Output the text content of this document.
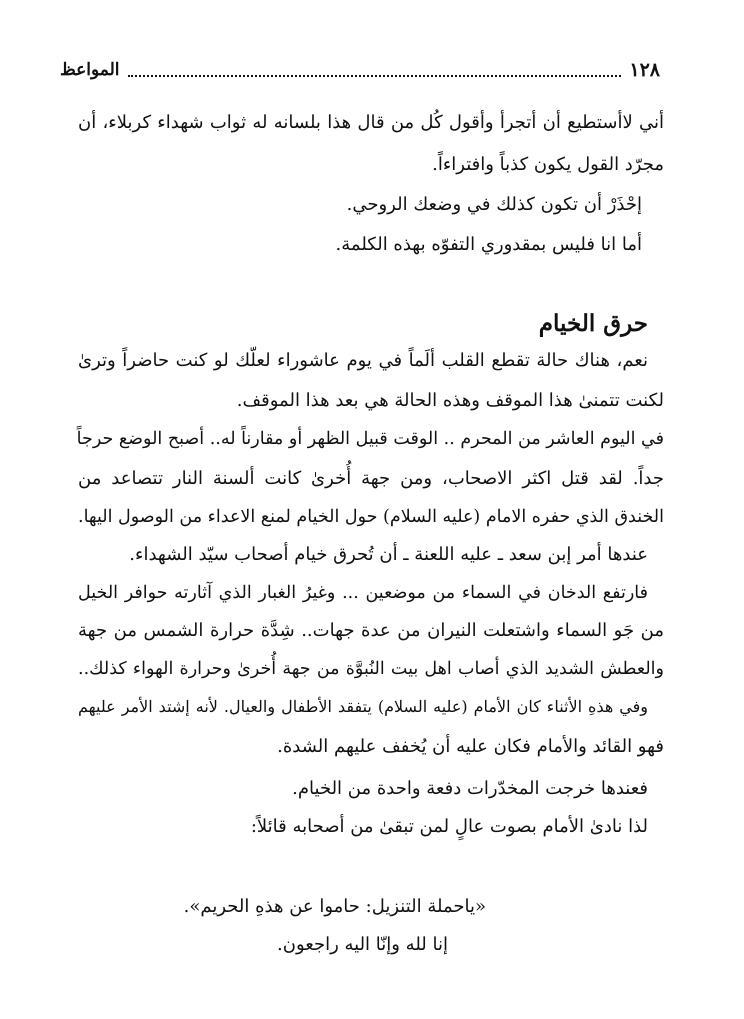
١٢٨
المواعظ
أني لاأستطيع أن أتجرأ وأقول كُل من قال هذا بلسانه له ثواب شهداء كربلاء، أن
مجرّد القول يكون كذباً وافتراءاً.
إحْذَرْ أن تكون كذلك في وضعك الروحي.
أما انا فليس بمقدوري التفوّه بهذه الكلمة.
حرق الخيام
نعم، هناك حالة تقطع القلب ألَماً في يوم عاشوراء لعلّك لو كنت حاضراً وترىٰ
لكنت تتمنىٰ هذا الموقف وهذه الحالة هي بعد هذا الموقف.
في اليوم العاشر من المحرم .. الوقت قبيل الظهر أو مقارناً له.. أصبح الوضع حرجاً
جداً. لقد قتل اكثر الاصحاب، ومن جهة أُخرىٰ كانت ألسنة النار تتصاعد من
الخندق الذي حفره الامام (عليه السلام) حول الخيام لمنع الاعداء من الوصول اليها.
عندها أمر إبن سعد ـ عليه اللعنة ـ أن تُحرق خيام أصحاب سيّد الشهداء.
فارتفع الدخان في السماء من موضعين ... وغيرُ الغبار الذي آثارته حوافر الخيل
من جَو السماء واشتعلت النيران من عدة جهات.. شِدَّة حرارة الشمس من جهة
والعطش الشديد الذي أصاب اهل بيت النُبوَّة من جهة أُخرىٰ وحرارة الهواء كذلك..
وفي هذهِ الأثناء كان الأمام (عليه السلام) يتفقد الأطفال والعيال. لأنه إشتد الأمر عليهم
فهو القائد والأمام فكان عليه أن يُخفف عليهم الشدة.
فعندها خرجت المخدّرات دفعة واحدة من الخيام.
لذا نادىٰ الأمام بصوت عالٍ لمن تبقىٰ من أصحابه قائلاً:
«ياحملة التنزيل: حاموا عن هذهِ الحريم».
إنا لله وإنّا اليه راجعون.
